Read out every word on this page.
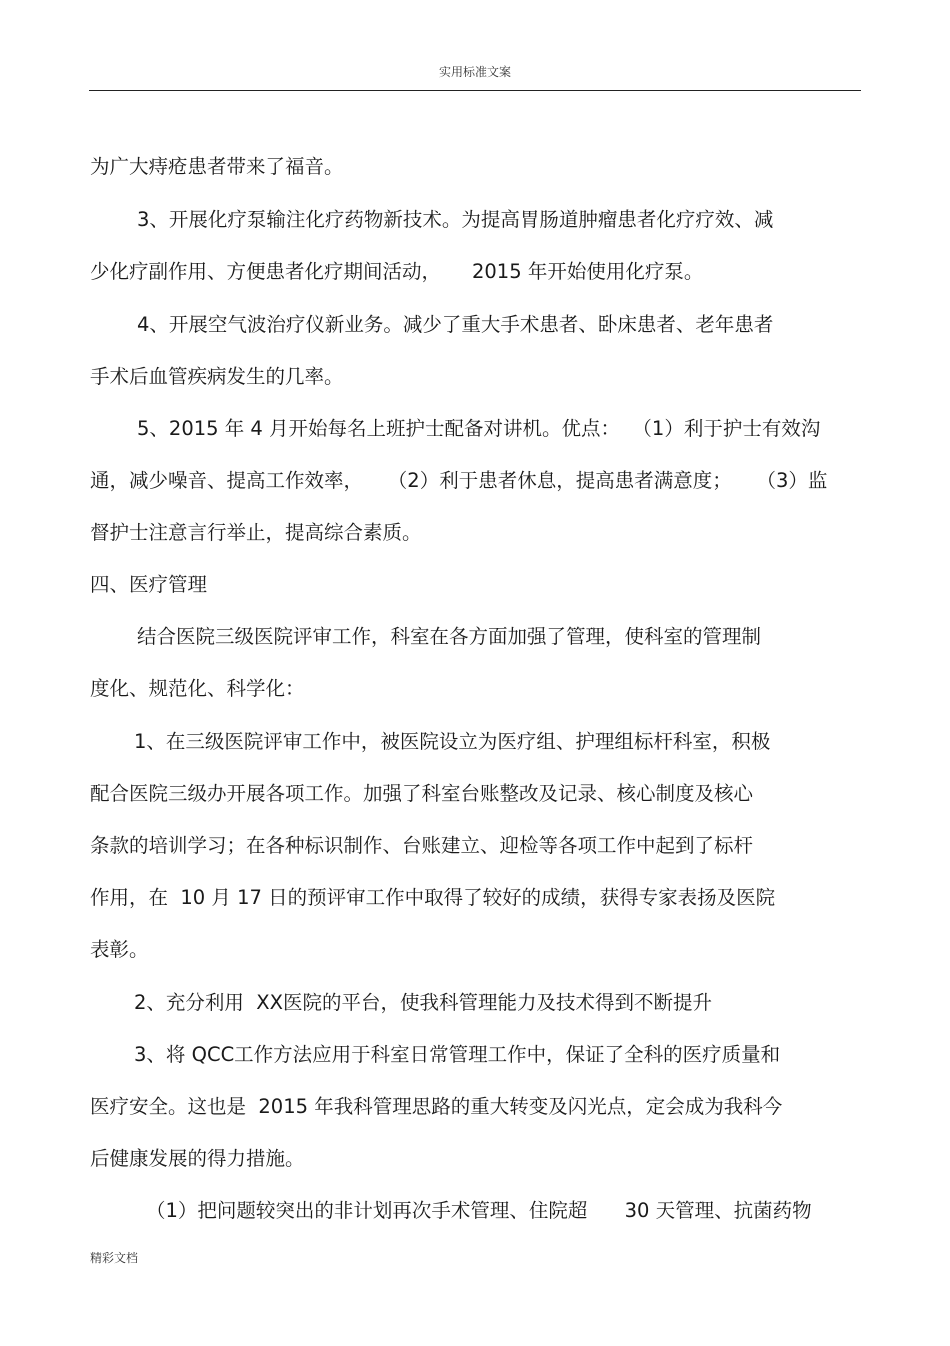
实用标准文案
为广大痔疮患者带来了福音。
3、开展化疗泵输注化疗药物新技术。为提高胃肠道肿瘤患者化疗疗效、减
少化疗副作用、方便患者化疗期间活动，     2015 年开始使用化疗泵。
4、开展空气波治疗仪新业务。减少了重大手术患者、卧床患者、老年患者
手术后血管疾病发生的几率。
5、2015 年 4 月开始每名上班护士配备对讲机。优点：  （1）利于护士有效沟
通，减少噪音、提高工作效率，    （2）利于患者休息，提高患者满意度；    （3）监
督护士注意言行举止，提高综合素质。
四、医疗管理
结合医院三级医院评审工作，科室在各方面加强了管理，使科室的管理制
度化、规范化、科学化：
1、在三级医院评审工作中，被医院设立为医疗组、护理组标杆科室，积极
配合医院三级办开展各项工作。加强了科室台账整改及记录、核心制度及核心
条款的培训学习；在各种标识制作、台账建立、迎检等各项工作中起到了标杆
作用，在  10 月 17 日的预评审工作中取得了较好的成绩，获得专家表扬及医院
表彰。
2、充分利用  XX医院的平台，使我科管理能力及技术得到不断提升
3、将 QCC工作方法应用于科室日常管理工作中，保证了全科的医疗质量和
医疗安全。这也是  2015 年我科管理思路的重大转变及闪光点，定会成为我科今
后健康发展的得力措施。
（1）把问题较突出的非计划再次手术管理、住院超      30 天管理、抗菌药物
精彩文档
